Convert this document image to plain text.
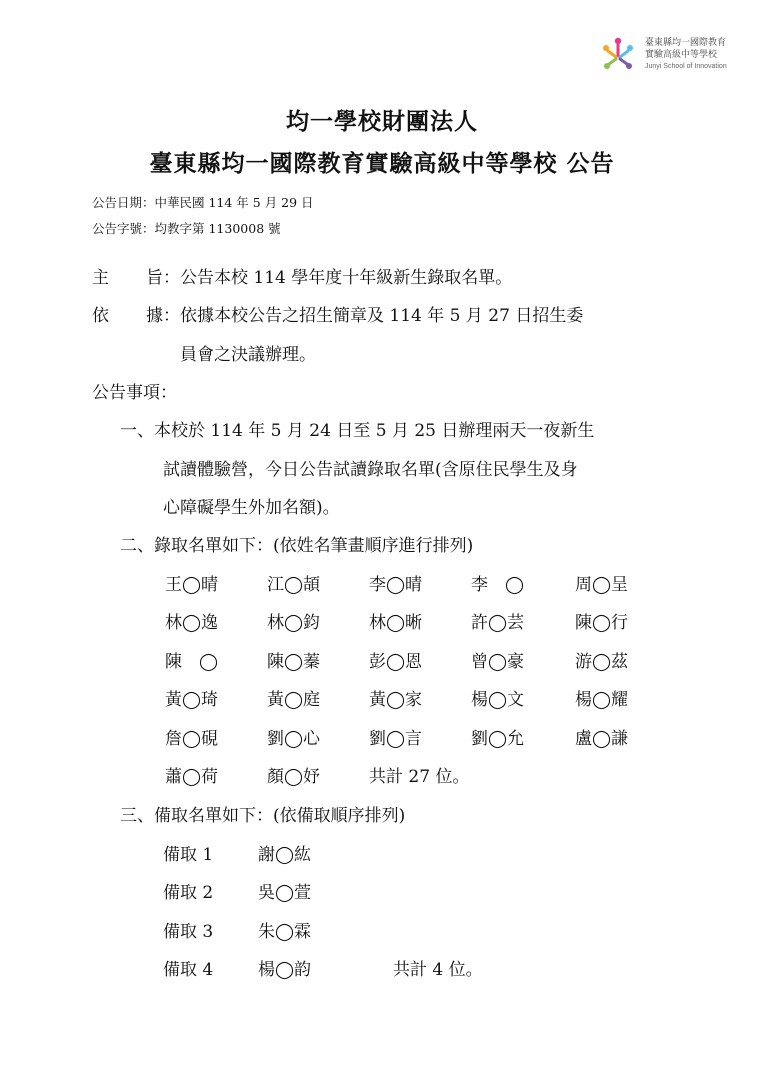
臺東縣均一國際教育
實驗高級中等學校
Junyi School of Innovation
均一學校財團法人
臺東縣均一國際教育實驗高級中等學校 公告
公告日期：中華民國 114 年 5 月 29 日
公告字號：均教字第 1130008 號
主 旨：公告本校 114 學年度十年級新生錄取名單。
依 據：依據本校公告之招生簡章及 114 年 5 月 27 日招生委
員會之決議辦理。
公告事項：
一、本校於 114 年 5 月 24 日至 5 月 25 日辦理兩天一夜新生
試讀體驗營，今日公告試讀錄取名單(含原住民學生及身
心障礙學生外加名額)。
二、錄取名單如下：(依姓名筆畫順序進行排列)
王◯晴	江◯頡	李◯晴	李　◯	周◯呈
林◯逸	林◯鈞	林◯晰	許◯芸	陳◯行
陳　◯	陳◯蓁	彭◯恩	曾◯豪	游◯茲
黃◯琦	黃◯庭	黃◯家	楊◯文	楊◯耀
詹◯硯	劉◯心	劉◯言	劉◯允	盧◯謙
蕭◯荷	顏◯妤	共計 27 位。
三、備取名單如下：(依備取順序排列)
備取 1	謝◯紘
備取 2	吳◯萱
備取 3	朱◯霖
備取 4	楊◯韵	共計 4 位。
